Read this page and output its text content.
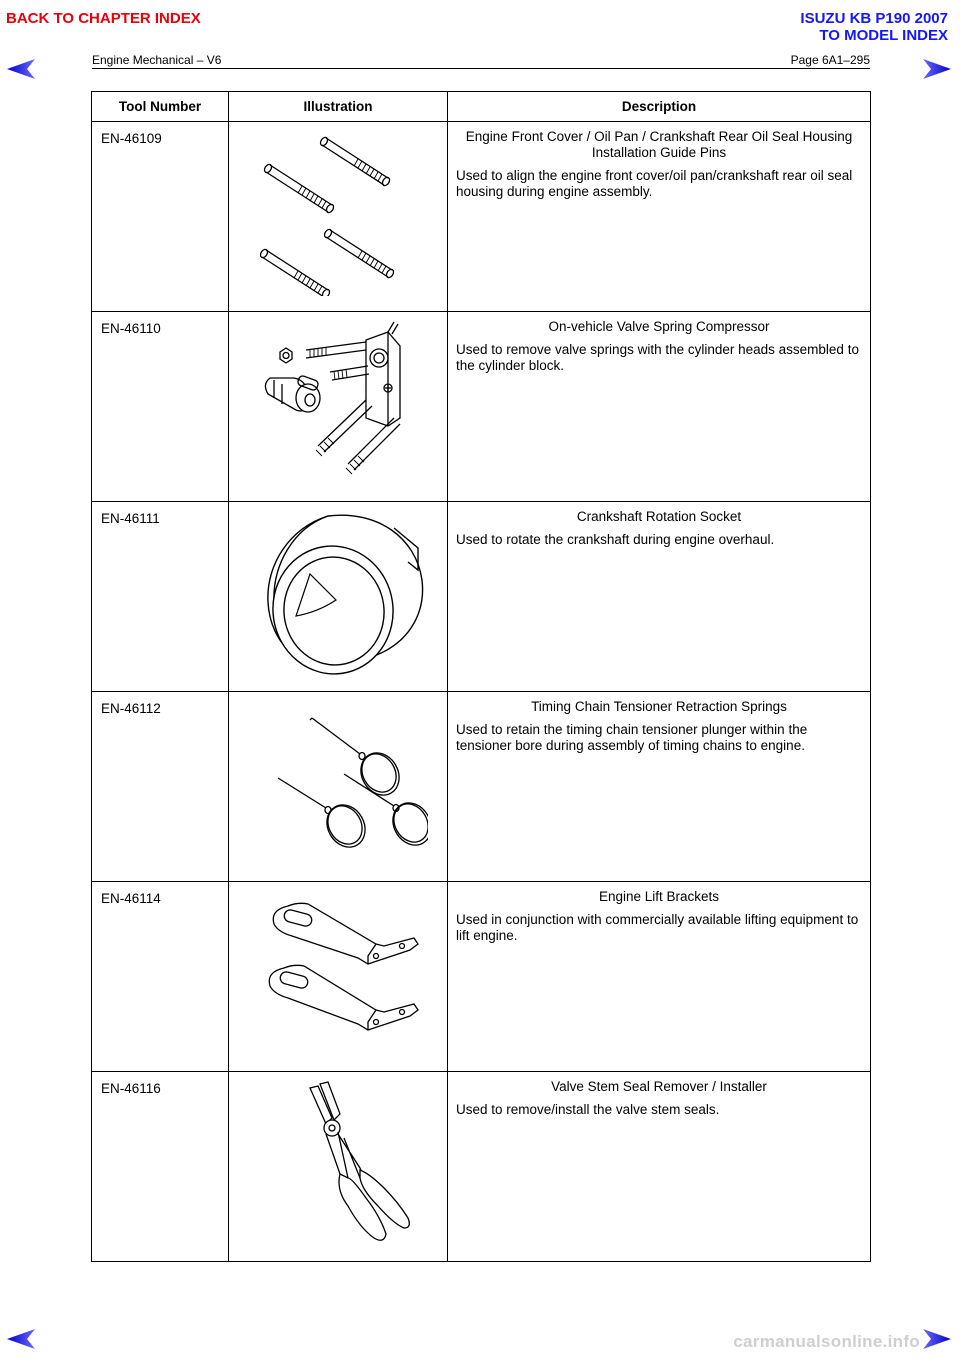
BACK TO CHAPTER INDEX	ISUZU KB P190 2007
TO MODEL INDEX
Engine Mechanical – V6	Page 6A1–295
Tool Number	Illustration	Description
EN-46109		Engine Front Cover / Oil Pan / Crankshaft Rear Oil Seal Housing Installation Guide Pins
Used to align the engine front cover/oil pan/crankshaft rear oil seal housing during engine assembly.

EN-46110		On-vehicle Valve Spring Compressor
Used to remove valve springs with the cylinder heads assembled to the cylinder block.

EN-46111		Crankshaft Rotation Socket
Used to rotate the crankshaft during engine overhaul.

EN-46112		Timing Chain Tensioner Retraction Springs
Used to retain the timing chain tensioner plunger within the tensioner bore during assembly of timing chains to engine.

EN-46114		Engine Lift Brackets
Used in conjunction with commercially available lifting equipment to lift engine.

EN-46116		Valve Stem Seal Remover / Installer
Used to remove/install the valve stem seals.
carmanualsonline.info
